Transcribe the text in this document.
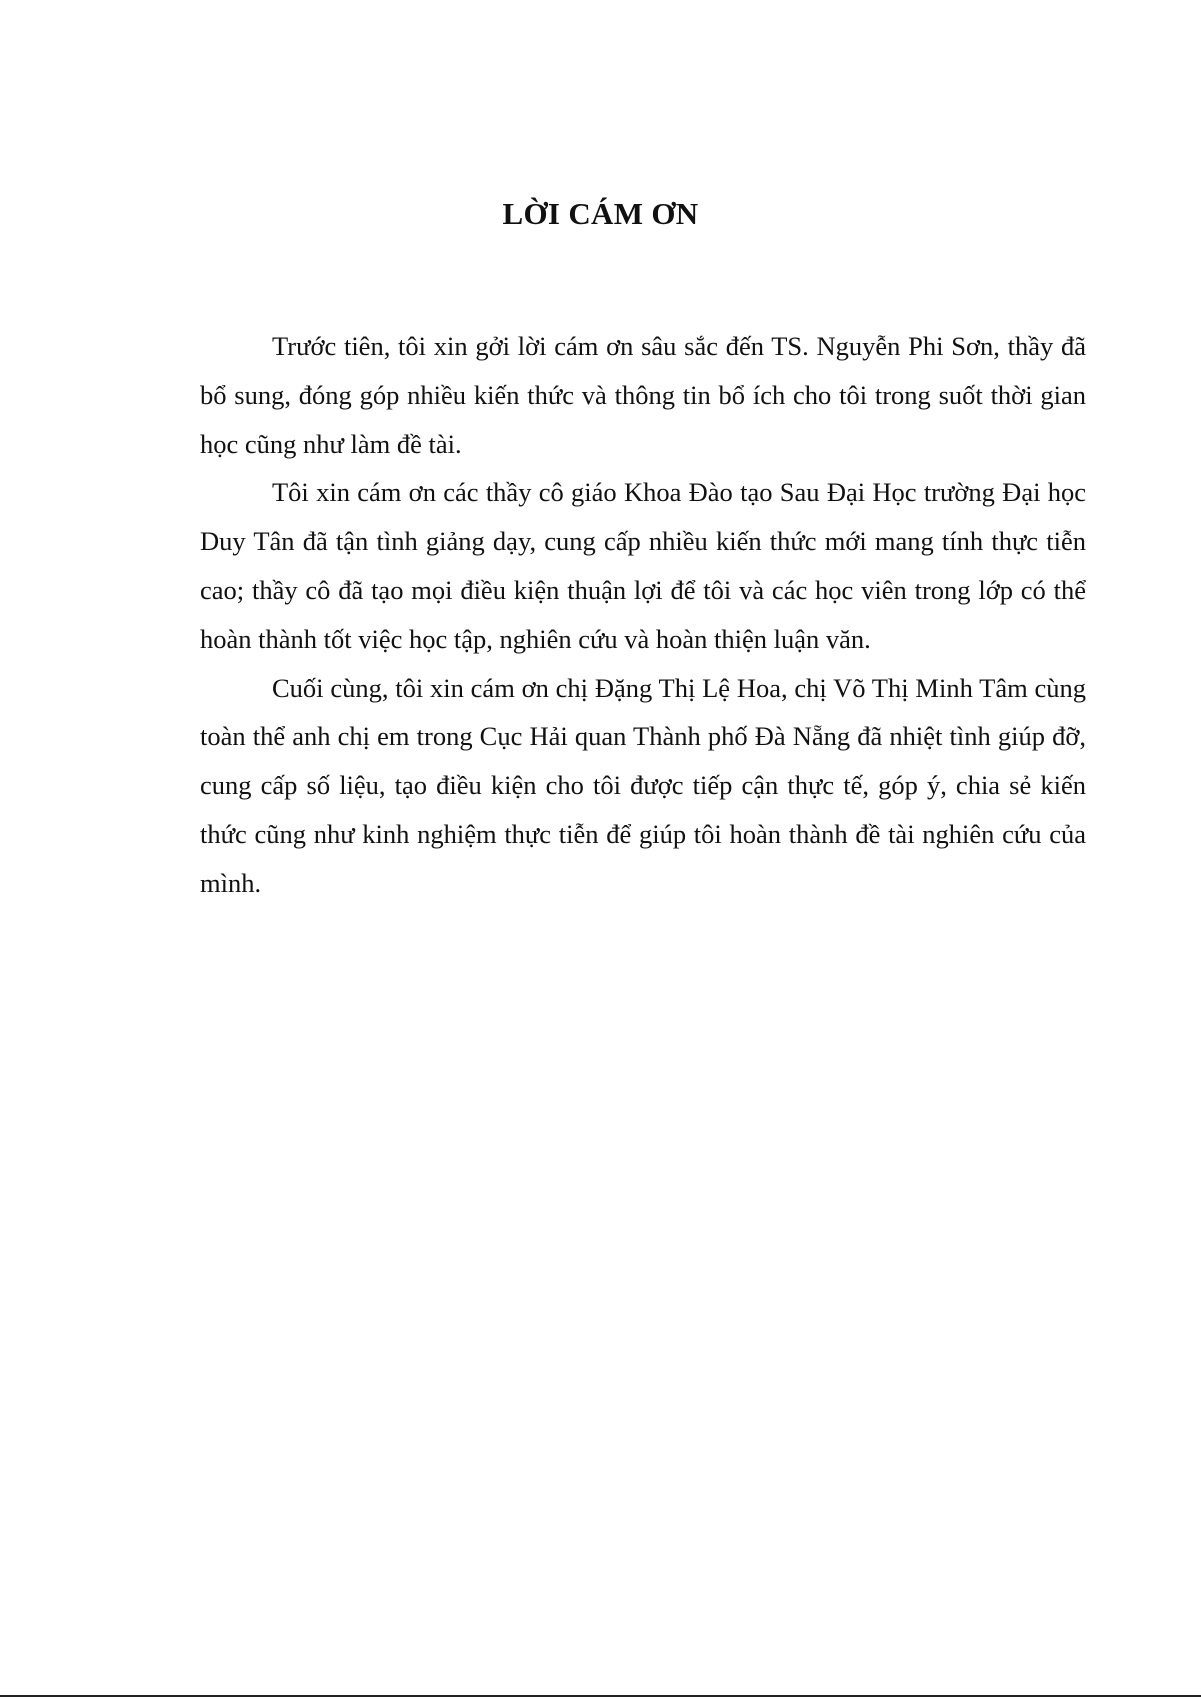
LỜI CÁM ƠN

Trước tiên, tôi xin gởi lời cám ơn sâu sắc đến TS. Nguyễn Phi Sơn, thầy đã bổ sung, đóng góp nhiều kiến thức và thông tin bổ ích cho tôi trong suốt thời gian học cũng như làm đề tài.

Tôi xin cám ơn các thầy cô giáo Khoa Đào tạo Sau Đại Học trường Đại học Duy Tân đã tận tình giảng dạy, cung cấp nhiều kiến thức mới mang tính thực tiễn cao; thầy cô đã tạo mọi điều kiện thuận lợi để tôi và các học viên trong lớp có thể hoàn thành tốt việc học tập, nghiên cứu và hoàn thiện luận văn.

Cuối cùng, tôi xin cám ơn chị Đặng Thị Lệ Hoa, chị Võ Thị Minh Tâm cùng toàn thể anh chị em trong Cục Hải quan Thành phố Đà Nẵng đã nhiệt tình giúp đỡ, cung cấp số liệu, tạo điều kiện cho tôi được tiếp cận thực tế, góp ý, chia sẻ kiến thức cũng như kinh nghiệm thực tiễn để giúp tôi hoàn thành đề tài nghiên cứu của mình.
